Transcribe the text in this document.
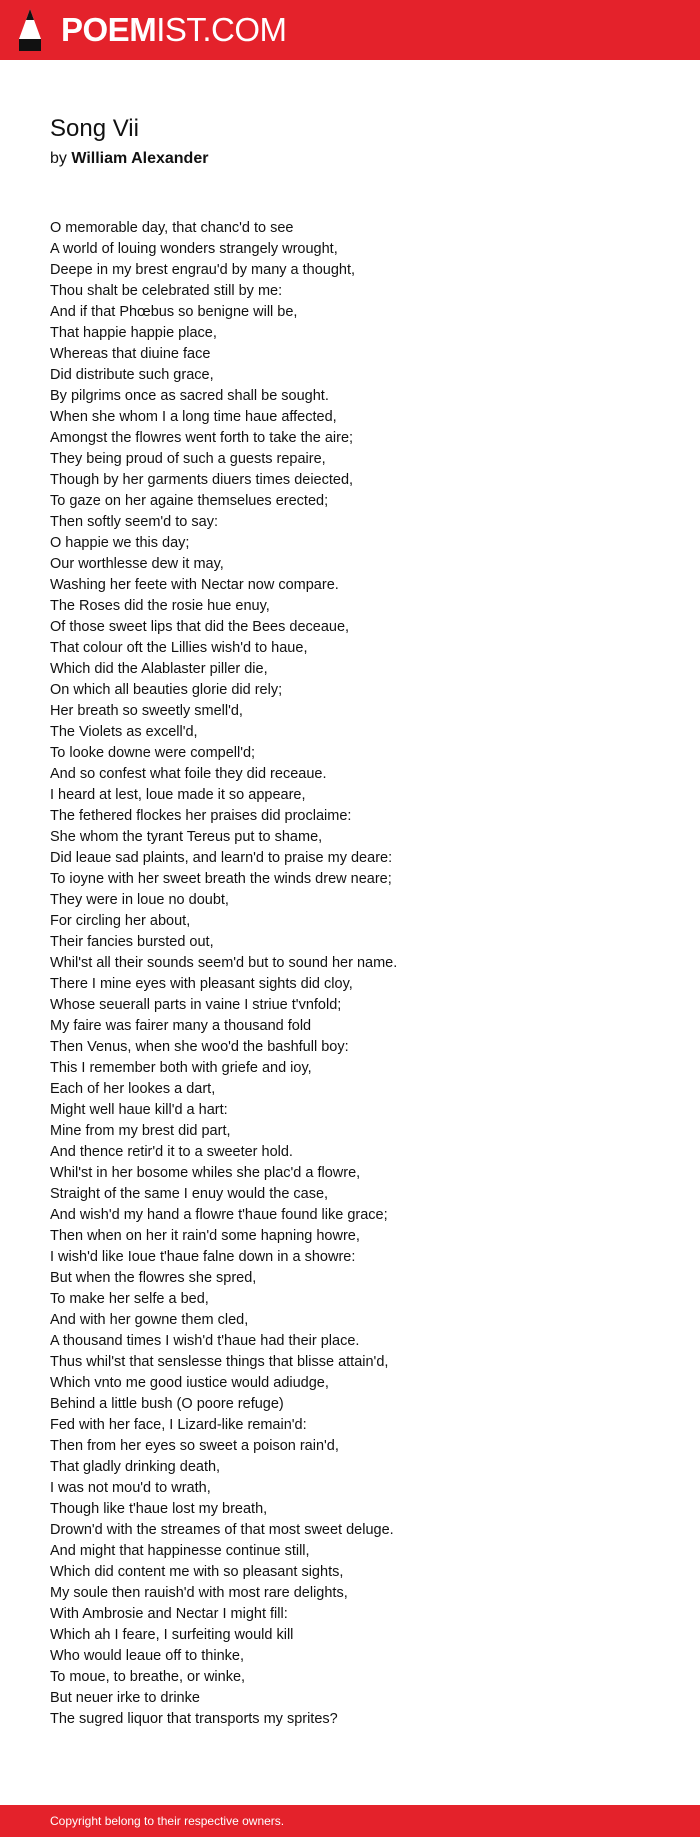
POEMIST.COM
Song Vii
by William Alexander
O memorable day, that chanc'd to see
A world of louing wonders strangely wrought,
Deepe in my brest engrau'd by many a thought,
Thou shalt be celebrated still by me:
And if that Phœbus so benigne will be,
That happie happie place,
Whereas that diuine face
Did distribute such grace,
By pilgrims once as sacred shall be sought.
When she whom I a long time haue affected,
Amongst the flowres went forth to take the aire;
They being proud of such a guests repaire,
Though by her garments diuers times deiected,
To gaze on her againe themselues erected;
Then softly seem'd to say:
O happie we this day;
Our worthlesse dew it may,
Washing her feete with Nectar now compare.
The Roses did the rosie hue enuy,
Of those sweet lips that did the Bees deceaue,
That colour oft the Lillies wish'd to haue,
Which did the Alablaster piller die,
On which all beauties glorie did rely;
Her breath so sweetly smell'd,
The Violets as excell'd,
To looke downe were compell'd;
And so confest what foile they did receaue.
I heard at lest, loue made it so appeare,
The fethered flockes her praises did proclaime:
She whom the tyrant Tereus put to shame,
Did leaue sad plaints, and learn'd to praise my deare:
To ioyne with her sweet breath the winds drew neare;
They were in loue no doubt,
For circling her about,
Their fancies bursted out,
Whil'st all their sounds seem'd but to sound her name.
There I mine eyes with pleasant sights did cloy,
Whose seuerall parts in vaine I striue t'vnfold;
My faire was fairer many a thousand fold
Then Venus, when she woo'd the bashfull boy:
This I remember both with griefe and ioy,
Each of her lookes a dart,
Might well haue kill'd a hart:
Mine from my brest did part,
And thence retir'd it to a sweeter hold.
Whil'st in her bosome whiles she plac'd a flowre,
Straight of the same I enuy would the case,
And wish'd my hand a flowre t'haue found like grace;
Then when on her it rain'd some hapning howre,
I wish'd like Ioue t'haue falne down in a showre:
But when the flowres she spred,
To make her selfe a bed,
And with her gowne them cled,
A thousand times I wish'd t'haue had their place.
Thus whil'st that senslesse things that blisse attain'd,
Which vnto me good iustice would adiudge,
Behind a little bush (O poore refuge)
Fed with her face, I Lizard-like remain'd:
Then from her eyes so sweet a poison rain'd,
That gladly drinking death,
I was not mou'd to wrath,
Though like t'haue lost my breath,
Drown'd with the streames of that most sweet deluge.
And might that happinesse continue still,
Which did content me with so pleasant sights,
My soule then rauish'd with most rare delights,
With Ambrosie and Nectar I might fill:
Which ah I feare, I surfeiting would kill
Who would leaue off to thinke,
To moue, to breathe, or winke,
But neuer irke to drinke
The sugred liquor that transports my sprites?
Copyright belong to their respective owners.
